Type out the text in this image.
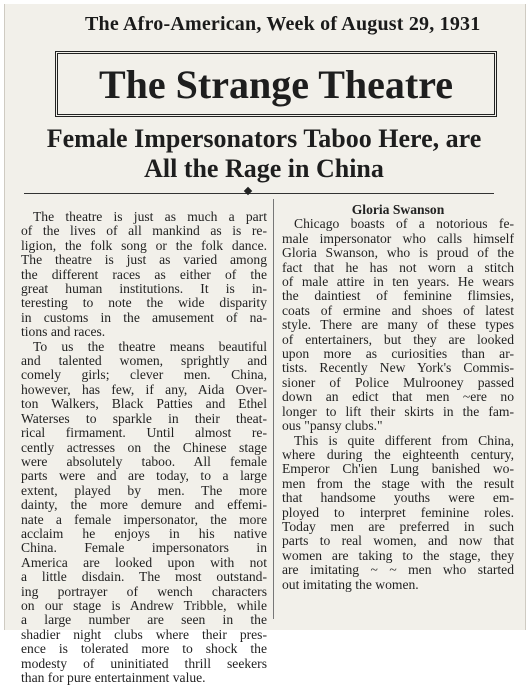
The Afro-American, Week of August 29, 1931
The Strange Theatre
Female Impersonators Taboo Here, are
All the Rage in China
The theatre is just as much a part
of the lives of all mankind as is re-
ligion, the folk song or the folk dance.
The theatre is just as varied among
the different races as either of the
great human institutions. It is in-
teresting to note the wide disparity
in customs in the amusement of na-
tions and races.
To us the theatre means beautiful
and talented women, sprightly and
comely girls; clever men. China,
however, has few, if any, Aida Over-
ton Walkers, Black Patties and Ethel
Waterses to sparkle in their theat-
rical firmament. Until almost re-
cently actresses on the Chinese stage
were absolutely taboo. All female
parts were and are today, to a large
extent, played by men. The more
dainty, the more demure and effemi-
nate a female impersonator, the more
acclaim he enjoys in his native
China. Female impersonators in
America are looked upon with not
a little disdain. The most outstand-
ing portrayer of wench characters
on our stage is Andrew Tribble, while
a large number are seen in the
shadier night clubs where their pres-
ence is tolerated more to shock the
modesty of uninitiated thrill seekers
than for pure entertainment value.
Gloria Swanson
Chicago boasts of a notorious fe-
male impersonator who calls himself
Gloria Swanson, who is proud of the
fact that he has not worn a stitch
of male attire in ten years. He wears
the daintiest of feminine flimsies,
coats of ermine and shoes of latest
style. There are many of these types
of entertainers, but they are looked
upon more as curiosities than ar-
tists. Recently New York's Commis-
sioner of Police Mulrooney passed
down an edict that men ~ere no
longer to lift their skirts in the fam-
ous "pansy clubs."
This is quite different from China,
where during the eighteenth century,
Emperor Ch'ien Lung banished wo-
men from the stage with the result
that handsome youths were em-
ployed to interpret feminine roles.
Today men are preferred in such
parts to real women, and now that
women are taking to the stage, they
are imitating ~ ~ men who started
out imitating the women.
